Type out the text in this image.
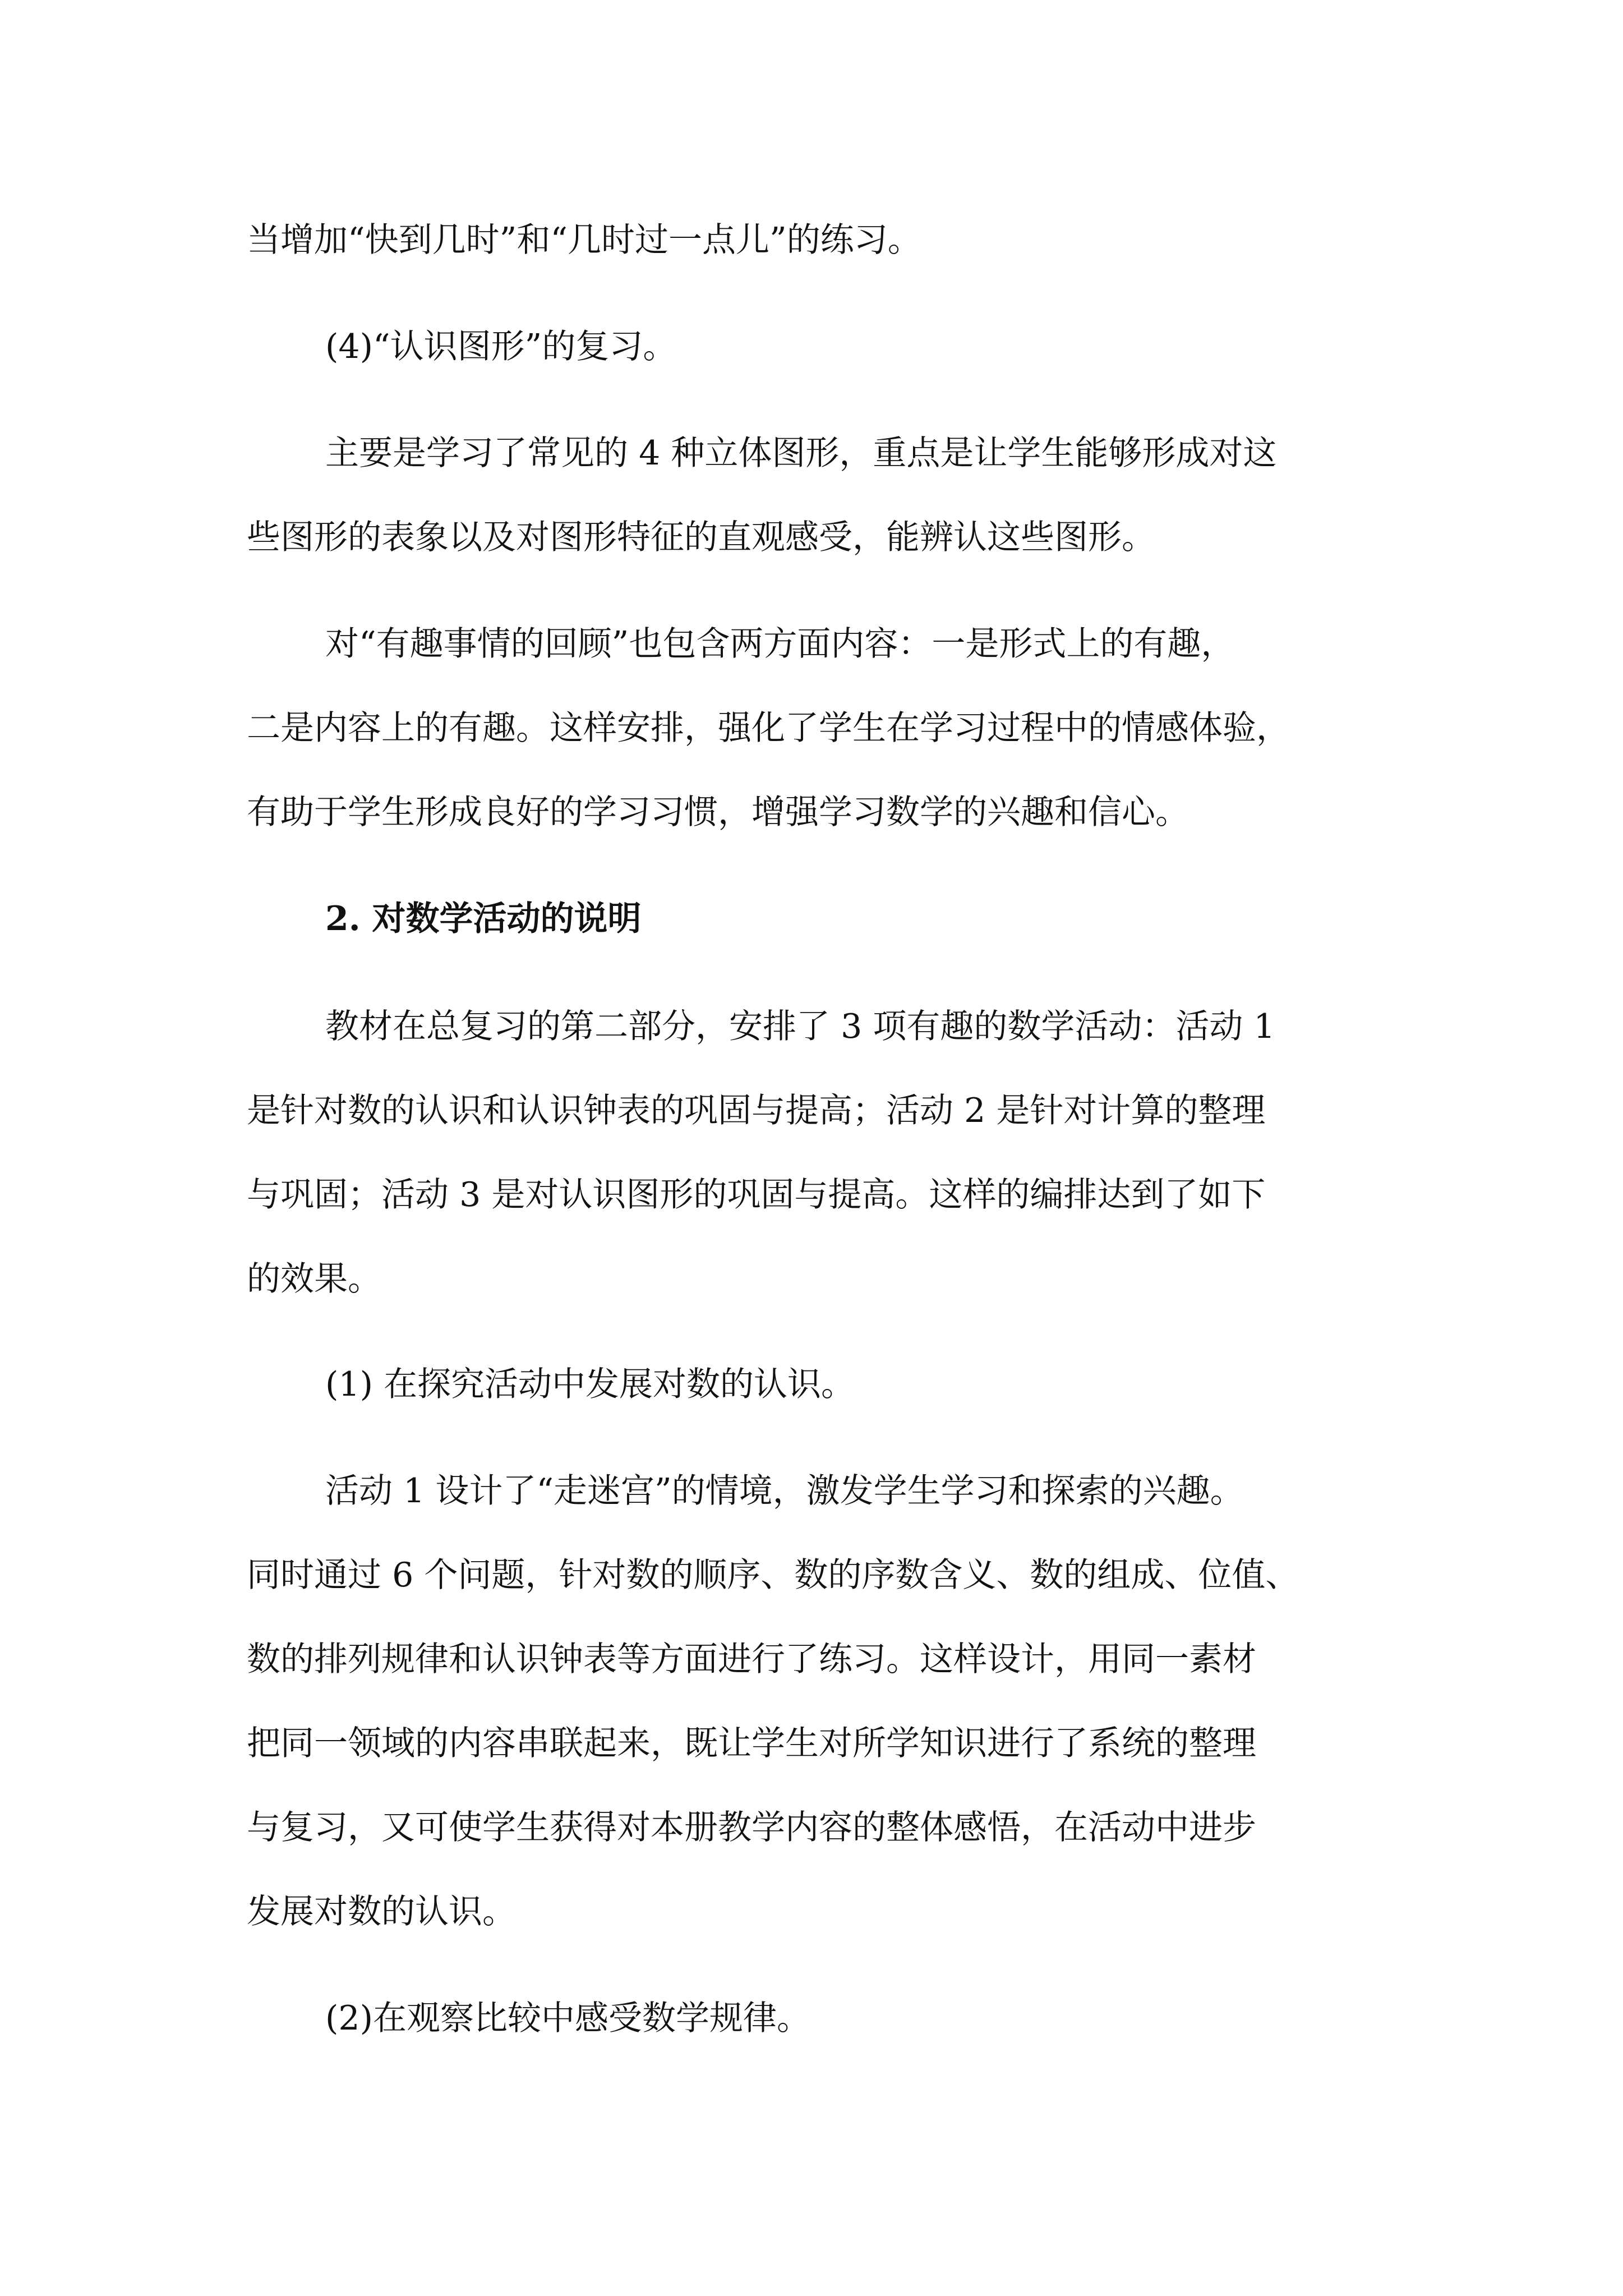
当增加“快到几时”和“几时过一点儿”的练习。
(4)“认识图形”的复习。
主要是学习了常见的 4 种立体图形，重点是让学生能够形成对这
些图形的表象以及对图形特征的直观感受，能辨认这些图形。
对“有趣事情的回顾”也包含两方面内容：一是形式上的有趣，
二是内容上的有趣。这样安排，强化了学生在学习过程中的情感体验，
有助于学生形成良好的学习习惯，增强学习数学的兴趣和信心。
2. 对数学活动的说明
教材在总复习的第二部分，安排了 3 项有趣的数学活动：活动 1
是针对数的认识和认识钟表的巩固与提高；活动 2 是针对计算的整理
与巩固；活动 3 是对认识图形的巩固与提高。这样的编排达到了如下
的效果。
(1) 在探究活动中发展对数的认识。
活动 1 设计了“走迷宫”的情境，激发学生学习和探索的兴趣。
同时通过 6 个问题，针对数的顺序、数的序数含义、数的组成、位值、
数的排列规律和认识钟表等方面进行了练习。这样设计，用同一素材
把同一领域的内容串联起来，既让学生对所学知识进行了系统的整理
与复习，又可使学生获得对本册教学内容的整体感悟，在活动中进步
发展对数的认识。
(2)在观察比较中感受数学规律。
